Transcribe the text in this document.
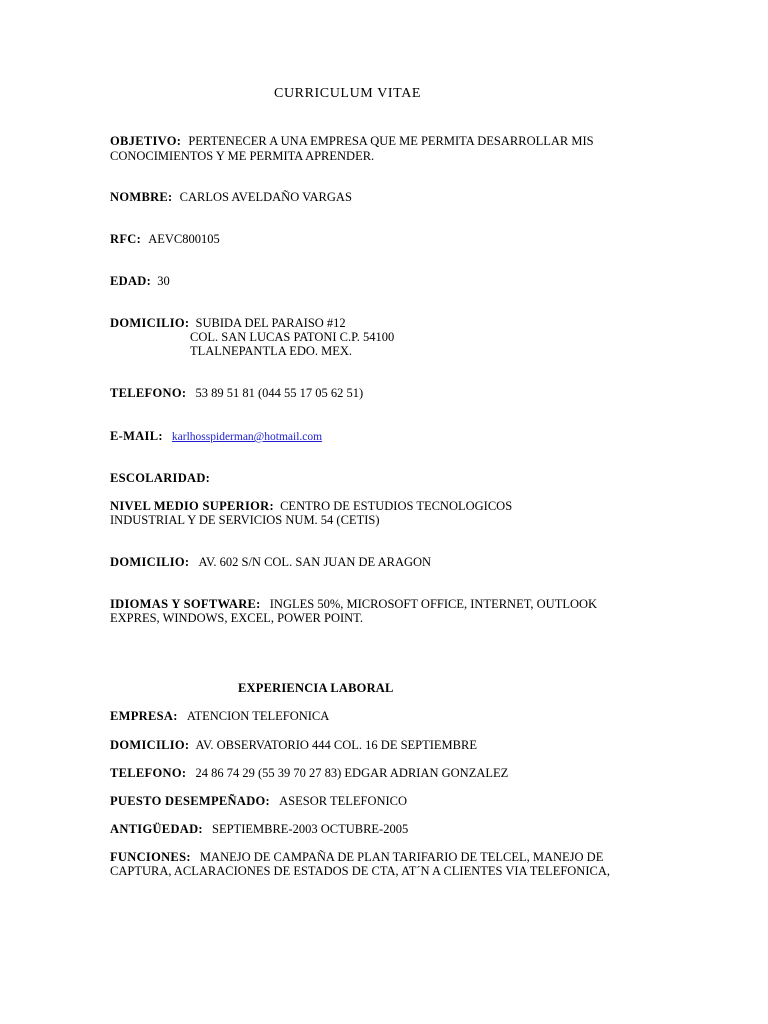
CURRICULUM VITAE
OBJETIVO: PERTENECER A UNA EMPRESA QUE ME PERMITA DESARROLLAR MIS
CONOCIMIENTOS Y ME PERMITA APRENDER.
NOMBRE: CARLOS AVELDAÑO VARGAS
RFC: AEVC800105
EDAD: 30
DOMICILIO: SUBIDA DEL PARAISO #12
COL. SAN LUCAS PATONI C.P. 54100
TLALNEPANTLA EDO. MEX.
TELEFONO: 53 89 51 81 (044 55 17 05 62 51)
E-MAIL: karlhosspiderman@hotmail.com
ESCOLARIDAD:
NIVEL MEDIO SUPERIOR: CENTRO DE ESTUDIOS TECNOLOGICOS
INDUSTRIAL Y DE SERVICIOS NUM. 54 (CETIS)
DOMICILIO: AV. 602 S/N COL. SAN JUAN DE ARAGON
IDIOMAS Y SOFTWARE: INGLES 50%, MICROSOFT OFFICE, INTERNET, OUTLOOK
EXPRES, WINDOWS, EXCEL, POWER POINT.
EXPERIENCIA LABORAL
EMPRESA: ATENCION TELEFONICA
DOMICILIO: AV. OBSERVATORIO 444 COL. 16 DE SEPTIEMBRE
TELEFONO: 24 86 74 29 (55 39 70 27 83) EDGAR ADRIAN GONZALEZ
PUESTO DESEMPEÑADO: ASESOR TELEFONICO
ANTIGÜEDAD: SEPTIEMBRE-2003 OCTUBRE-2005
FUNCIONES: MANEJO DE CAMPAÑA DE PLAN TARIFARIO DE TELCEL, MANEJO DE
CAPTURA, ACLARACIONES DE ESTADOS DE CTA, AT´N A CLIENTES VIA TELEFONICA,
